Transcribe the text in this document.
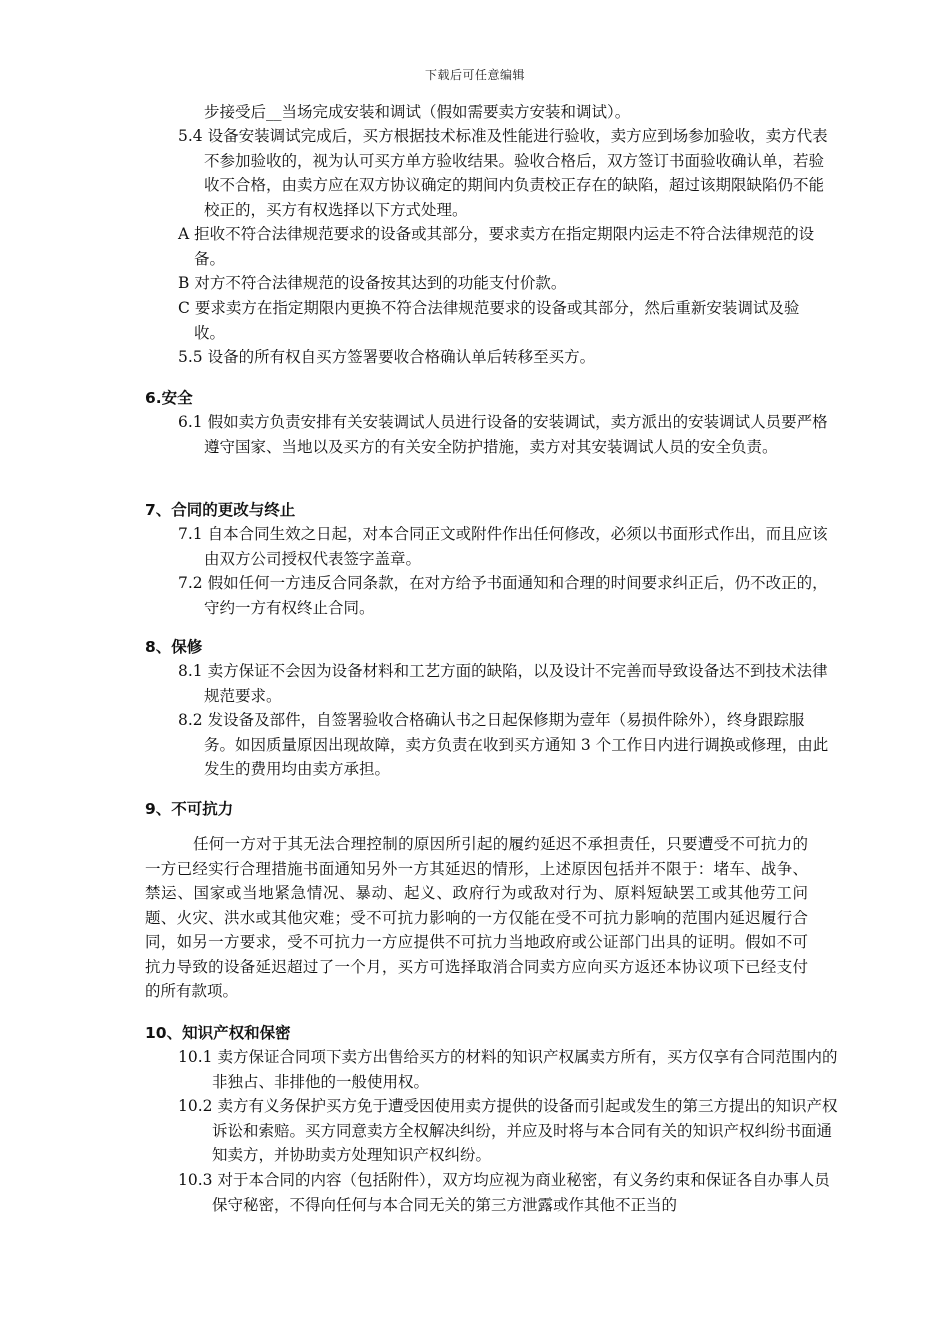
下载后可任意编辑
步接受后__当场完成安装和调试（假如需要卖方安装和调试）。
5.4 设备安装调试完成后，买方根据技术标准及性能进行验收，卖方应到场参加验收，卖方代表不参加验收的，视为认可买方单方验收结果。验收合格后，双方签订书面验收确认单，若验收不合格，由卖方应在双方协议确定的期间内负责校正存在的缺陷，超过该期限缺陷仍不能校正的，买方有权选择以下方式处理。
A 拒收不符合法律规范要求的设备或其部分，要求卖方在指定期限内运走不符合法律规范的设备。
B 对方不符合法律规范的设备按其达到的功能支付价款。
C 要求卖方在指定期限内更换不符合法律规范要求的设备或其部分，然后重新安装调试及验收。
5.5 设备的所有权自买方签署要收合格确认单后转移至买方。
6.安全
6.1 假如卖方负责安排有关安装调试人员进行设备的安装调试，卖方派出的安装调试人员要严格遵守国家、当地以及买方的有关安全防护措施，卖方对其安装调试人员的安全负责。
7、合同的更改与终止
7.1 自本合同生效之日起，对本合同正文或附件作出任何修改，必须以书面形式作出，而且应该由双方公司授权代表签字盖章。
7.2 假如任何一方违反合同条款，在对方给予书面通知和合理的时间要求纠正后，仍不改正的，守约一方有权终止合同。
8、保修
8.1 卖方保证不会因为设备材料和工艺方面的缺陷，以及设计不完善而导致设备达不到技术法律规范要求。
8.2 发设备及部件，自签署验收合格确认书之日起保修期为壹年（易损件除外），终身跟踪服务。如因质量原因出现故障，卖方负责在收到买方通知 3 个工作日内进行调换或修理，由此发生的费用均由卖方承担。
9、不可抗力
任何一方对于其无法合理控制的原因所引起的履约延迟不承担责任，只要遭受不可抗力的一方已经实行合理措施书面通知另外一方其延迟的情形，上述原因包括并不限于：堵车、战争、禁运、国家或当地紧急情况、暴动、起义、政府行为或敌对行为、原料短缺罢工或其他劳工问题、火灾、洪水或其他灾难；受不可抗力影响的一方仅能在受不可抗力影响的范围内延迟履行合同，如另一方要求，受不可抗力一方应提供不可抗力当地政府或公证部门出具的证明。假如不可抗力导致的设备延迟超过了一个月，买方可选择取消合同卖方应向买方返还本协议项下已经支付的所有款项。
10、知识产权和保密
10.1 卖方保证合同项下卖方出售给买方的材料的知识产权属卖方所有，买方仅享有合同范围内的非独占、非排他的一般使用权。
10.2 卖方有义务保护买方免于遭受因使用卖方提供的设备而引起或发生的第三方提出的知识产权诉讼和索赔。买方同意卖方全权解决纠纷，并应及时将与本合同有关的知识产权纠纷书面通知卖方，并协助卖方处理知识产权纠纷。
10.3 对于本合同的内容（包括附件），双方均应视为商业秘密，有义务约束和保证各自办事人员保守秘密，不得向任何与本合同无关的第三方泄露或作其他不正当的
